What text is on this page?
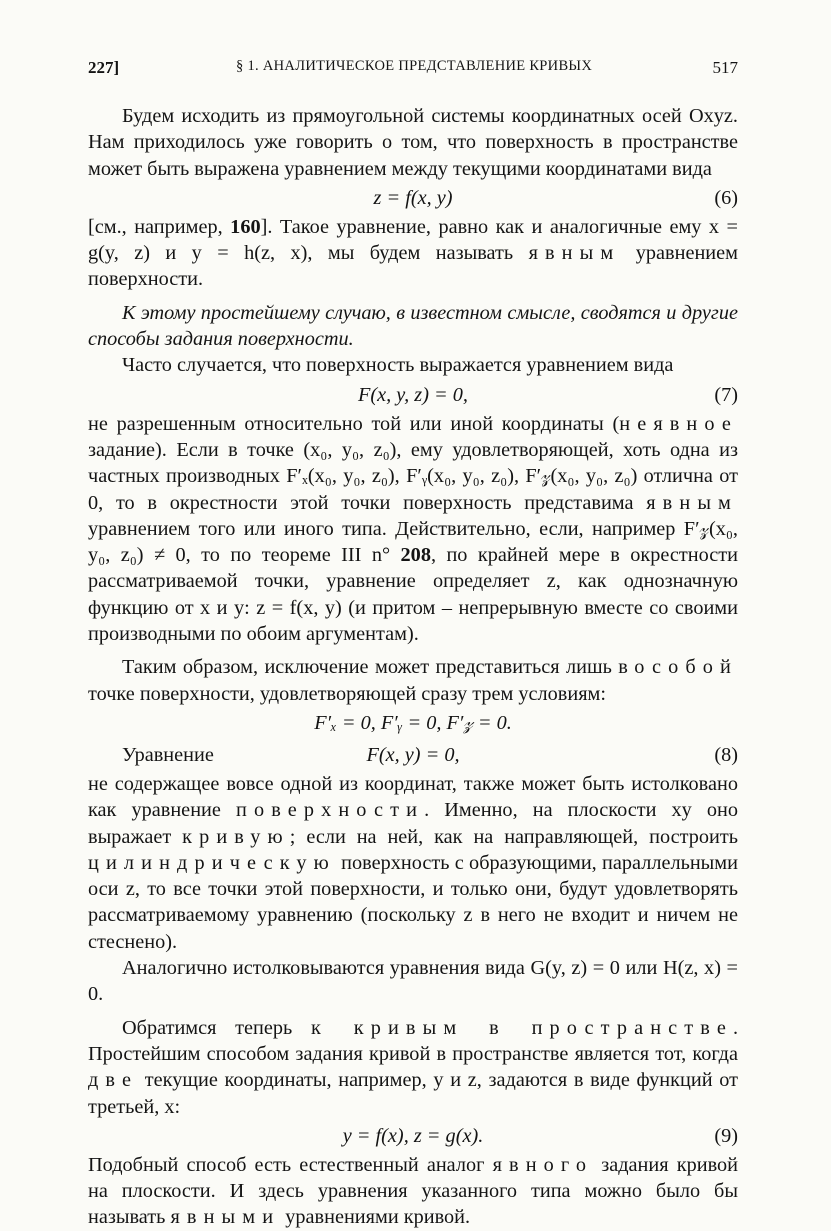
227]	§ 1. АНАЛИТИЧЕСКОЕ ПРЕДСТАВЛЕНИЕ КРИВЫХ	517

Будем исходить из прямоугольной системы координатных осей Oxyz. Нам приходилось уже говорить о том, что поверхность в пространстве может быть выражена уравнением между текущими координатами вида

z = f(x, y)	(6)

[см., например, 160]. Такое уравнение, равно как и аналогичные ему x = g(y, z) и y = h(z, x), мы будем называть явным уравнением поверхности.

К этому простейшему случаю, в известном смысле, сводятся и другие способы задания поверхности.

Часто случается, что поверхность выражается уравнением вида

F(x, y, z) = 0,	(7)

не разрешенным относительно той или иной координаты (неявное задание). Если в точке (x₀, y₀, z₀), ему удовлетворяющей, хоть одна из частных производных F′ₓ(x₀, y₀, z₀), F′ᵧ(x₀, y₀, z₀), F′𝓏(x₀, y₀, z₀) отлична от 0, то в окрестности этой точки поверхность представима явным уравнением того или иного типа. Действительно, если, например F′𝓏(x₀, y₀, z₀) ≠ 0, то по теореме III n° 208, по крайней мере в окрестности рассматриваемой точки, уравнение определяет z, как однозначную функцию от x и y: z = f(x, y) (и притом – непрерывную вместе со своими производными по обоим аргументам).

Таким образом, исключение может представиться лишь в особой точке поверхности, удовлетворяющей сразу трем условиям:

F′ₓ = 0, F′ᵧ = 0, F′𝓏 = 0.
Уравнение	F(x, y) = 0,	(8)

не содержащее вовсе одной из координат, также может быть истолковано как уравнение поверхности. Именно, на плоскости xy оно выражает кривую; если на ней, как на направляющей, построить цилиндрическую поверхность с образующими, параллельными оси z, то все точки этой поверхности, и только они, будут удовлетворять рассматриваемому уравнению (поскольку z в него не входит и ничем не стеснено).

Аналогично истолковываются уравнения вида G(y, z) = 0 или H(z, x) = 0.

Обратимся теперь к кривым в пространстве. Простейшим способом задания кривой в пространстве является тот, когда две текущие координаты, например, y и z, задаются в виде функций от третьей, x:

y = f(x), z = g(x).	(9)

Подобный способ есть естественный аналог явного задания кривой на плоскости. И здесь уравнения указанного типа можно было бы называть явными уравнениями кривой.
